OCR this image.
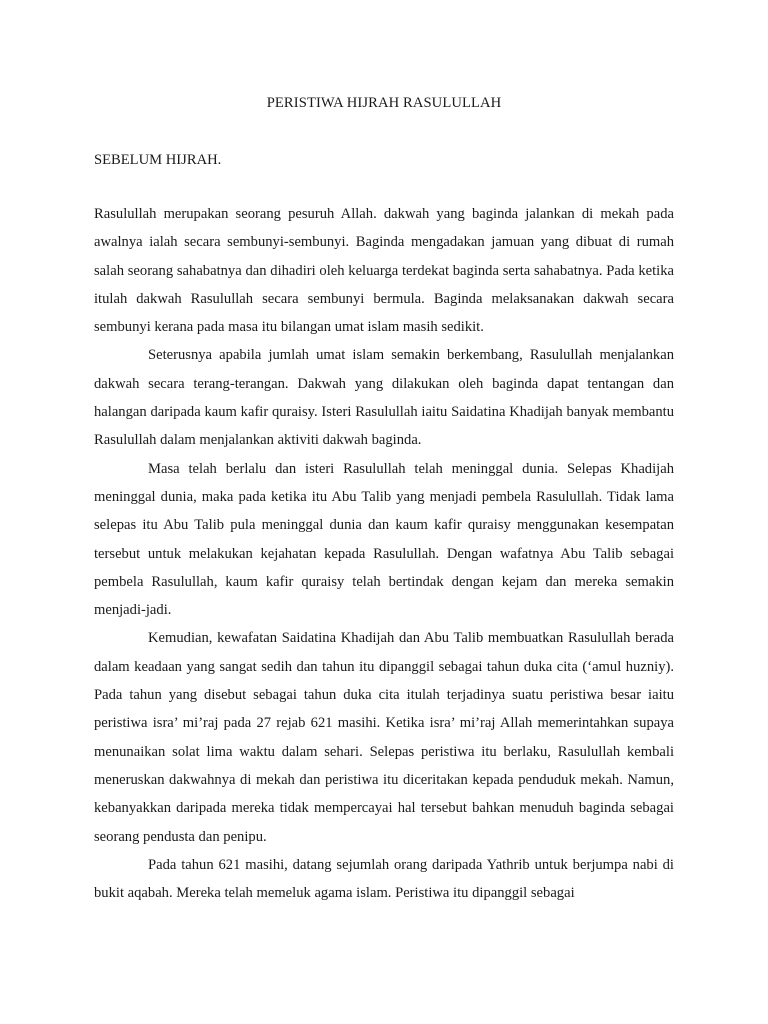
PERISTIWA HIJRAH RASULULLAH
SEBELUM HIJRAH.

Rasulullah merupakan seorang pesuruh Allah. dakwah yang baginda jalankan di mekah pada awalnya ialah secara sembunyi-sembunyi. Baginda mengadakan jamuan yang dibuat di rumah salah seorang sahabatnya dan dihadiri oleh keluarga terdekat baginda serta sahabatnya. Pada ketika itulah dakwah Rasulullah secara sembunyi bermula. Baginda melaksanakan dakwah secara sembunyi kerana pada masa itu bilangan umat islam masih sedikit.

Seterusnya apabila jumlah umat islam semakin berkembang, Rasulullah menjalankan dakwah secara terang-terangan. Dakwah yang dilakukan oleh baginda dapat tentangan dan halangan daripada kaum kafir quraisy. Isteri Rasulullah iaitu Saidatina Khadijah banyak membantu Rasulullah dalam menjalankan aktiviti dakwah baginda.

Masa telah berlalu dan isteri Rasulullah telah meninggal dunia. Selepas Khadijah meninggal dunia, maka pada ketika itu Abu Talib yang menjadi pembela Rasulullah. Tidak lama selepas itu Abu Talib pula meninggal dunia dan kaum kafir quraisy menggunakan kesempatan tersebut untuk melakukan kejahatan kepada Rasulullah. Dengan wafatnya Abu Talib sebagai pembela Rasulullah, kaum kafir quraisy telah bertindak dengan kejam dan mereka semakin menjadi-jadi.

Kemudian, kewafatan Saidatina Khadijah dan Abu Talib membuatkan Rasulullah berada dalam keadaan yang sangat sedih dan tahun itu dipanggil sebagai tahun duka cita (‘amul huzniy). Pada tahun yang disebut sebagai tahun duka cita itulah terjadinya suatu peristiwa besar iaitu peristiwa isra’ mi’raj pada 27 rejab 621 masihi. Ketika isra’ mi’raj Allah memerintahkan supaya menunaikan solat lima waktu dalam sehari. Selepas peristiwa itu berlaku, Rasulullah kembali meneruskan dakwahnya di mekah dan peristiwa itu diceritakan kepada penduduk mekah. Namun, kebanyakkan daripada mereka tidak mempercayai hal tersebut bahkan menuduh baginda sebagai seorang pendusta dan penipu.

Pada tahun 621 masihi, datang sejumlah orang daripada Yathrib untuk berjumpa nabi di bukit aqabah. Mereka telah memeluk agama islam. Peristiwa itu dipanggil sebagai
